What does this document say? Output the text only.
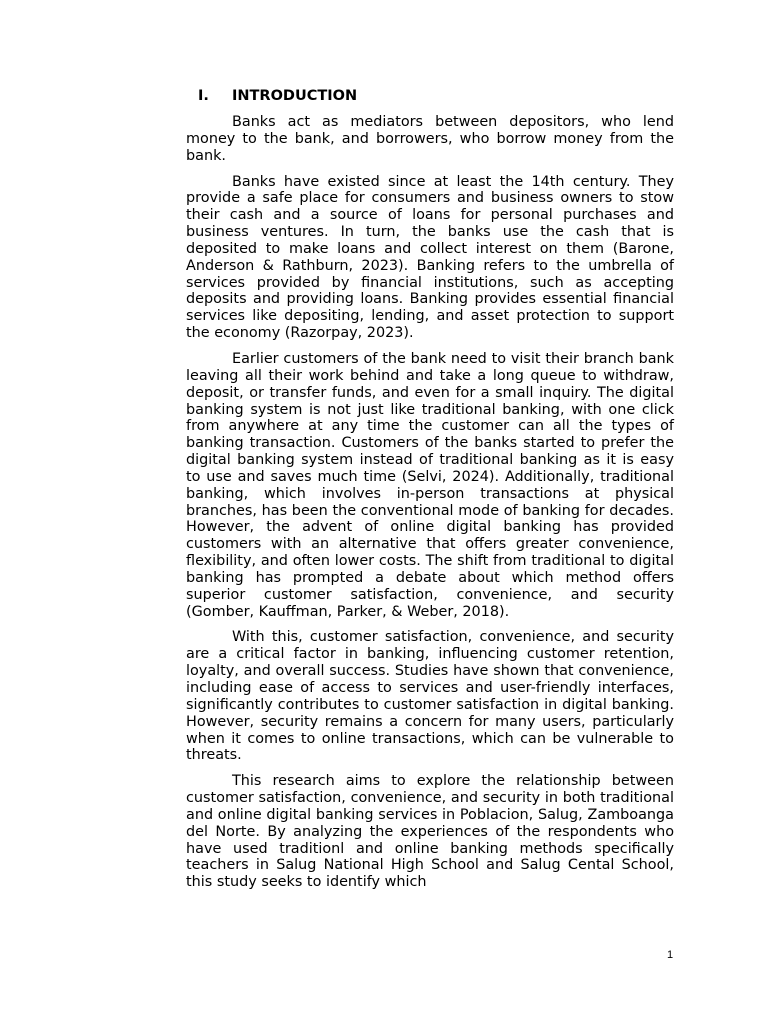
I. INTRODUCTION

Banks act as mediators between depositors, who lend money to the bank, and borrowers, who borrow money from the bank.

Banks have existed since at least the 14th century. They provide a safe place for consumers and business owners to stow their cash and a source of loans for personal purchases and business ventures. In turn, the banks use the cash that is deposited to make loans and collect interest on them (Barone, Anderson & Rathburn, 2023). Banking refers to the umbrella of services provided by financial institutions, such as accepting deposits and providing loans. Banking provides essential financial services like depositing, lending, and asset protection to support the economy (Razorpay, 2023).

Earlier customers of the bank need to visit their branch bank leaving all their work behind and take a long queue to withdraw, deposit, or transfer funds, and even for a small inquiry. The digital banking system is not just like traditional banking, with one click from anywhere at any time the customer can all the types of banking transaction. Customers of the banks started to prefer the digital banking system instead of traditional banking as it is easy to use and saves much time (Selvi, 2024). Additionally, traditional banking, which involves in-person transactions at physical branches, has been the conventional mode of banking for decades. However, the advent of online digital banking has provided customers with an alternative that offers greater convenience, flexibility, and often lower costs. The shift from traditional to digital banking has prompted a debate about which method offers superior customer satisfaction, convenience, and security (Gomber, Kauffman, Parker, & Weber, 2018).

With this, customer satisfaction, convenience, and security are a critical factor in banking, influencing customer retention, loyalty, and overall success. Studies have shown that convenience, including ease of access to services and user-friendly interfaces, significantly contributes to customer satisfaction in digital banking. However, security remains a concern for many users, particularly when it comes to online transactions, which can be vulnerable to threats.

This research aims to explore the relationship between customer satisfaction, convenience, and security in both traditional and online digital banking services in Poblacion, Salug, Zamboanga del Norte. By analyzing the experiences of the respondents who have used traditionl and online banking methods specifically teachers in Salug National High School and Salug Cental School, this study seeks to identify which

1
